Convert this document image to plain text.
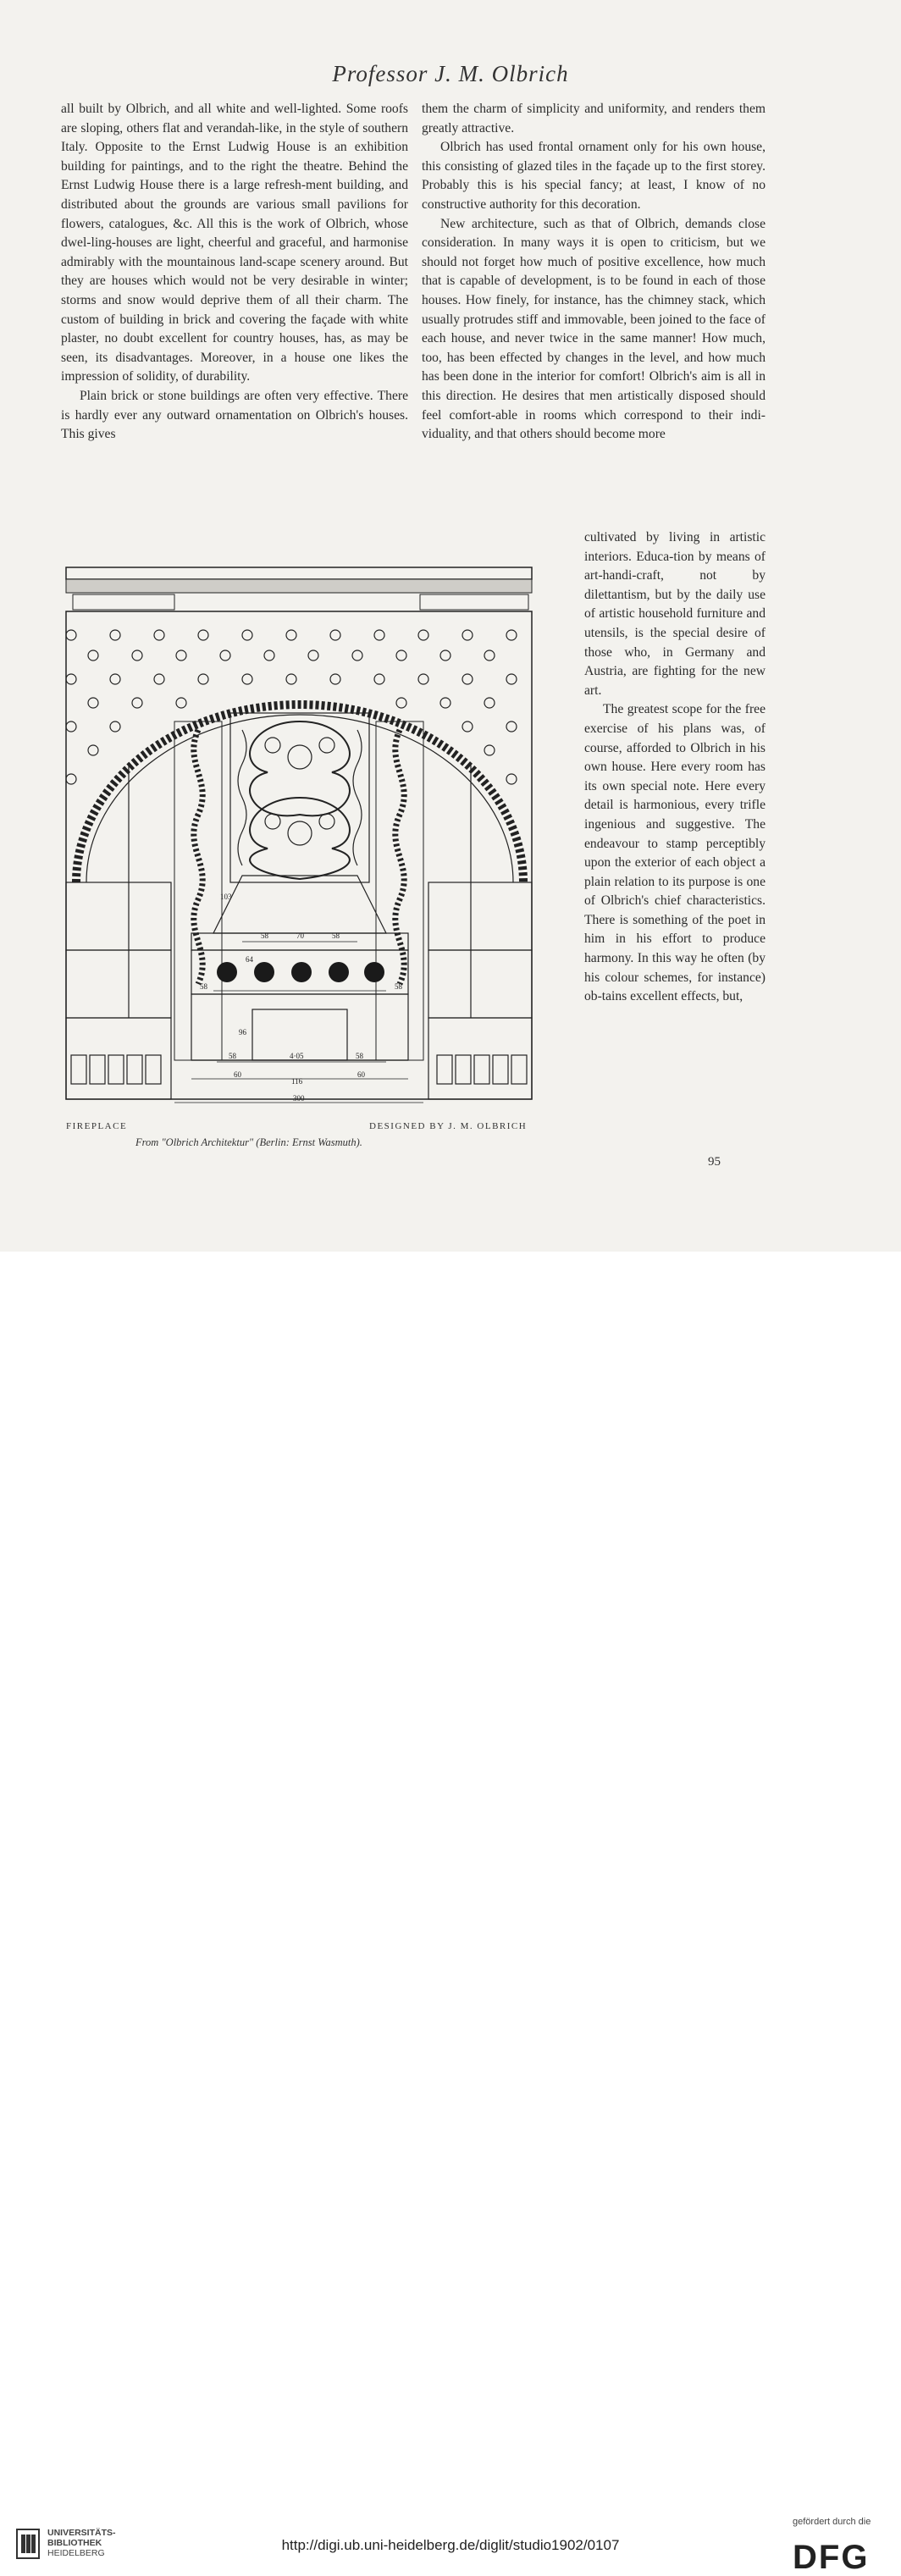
Professor J. M. Olbrich

all built by Olbrich, and all white and well-lighted. Some roofs are sloping, others flat and verandah-like, in the style of southern Italy. Opposite to the Ernst Ludwig House is an exhibition building for paintings, and to the right the theatre. Behind the Ernst Ludwig House there is a large refresh-ment building, and distributed about the grounds are various small pavilions for flowers, catalogues, &c. All this is the work of Olbrich, whose dwel-ling-houses are light, cheerful and graceful, and harmonise admirably with the mountainous land-scape scenery around. But they are houses which would not be very desirable in winter; storms and snow would deprive them of all their charm. The custom of building in brick and covering the façade with white plaster, no doubt excellent for country houses, has, as may be seen, its disadvantages. Moreover, in a house one likes the impression of solidity, of durability.

Plain brick or stone buildings are often very effective. There is hardly ever any outward ornamentation on Olbrich's houses. This gives

them the charm of simplicity and uniformity, and renders them greatly attractive.

Olbrich has used frontal ornament only for his own house, this consisting of glazed tiles in the façade up to the first storey. Probably this is his special fancy; at least, I know of no constructive authority for this decoration.

New architecture, such as that of Olbrich, demands close consideration. In many ways it is open to criticism, but we should not forget how much of positive excellence, how much that is capable of development, is to be found in each of those houses. How finely, for instance, has the chimney stack, which usually protrudes stiff and immovable, been joined to the face of each house, and never twice in the same manner! How much, too, has been effected by changes in the level, and how much has been done in the interior for comfort! Olbrich's aim is all in this direction. He desires that men artistically disposed should feel comfort-able in rooms which correspond to their indi-viduality, and that others should become more

cultivated by living in artistic interiors. Educa-tion by means of art-handi-craft, not by dilettantism, but by the daily use of artistic household furniture and utensils, is the special desire of those who, in Germany and Austria, are fighting for the new art.

The greatest scope for the free exercise of his plans was, of course, afforded to Olbrich in his own house. Here every room has its own special note. Here every detail is harmonious, every trifle ingenious and suggestive. The endeavour to stamp perceptibly upon the exterior of each object a plain relation to its purpose is one of Olbrich's chief characteristics. There is something of the poet in him in his effort to produce harmony. In this way he often (by his colour schemes, for instance) ob-tains excellent effects, but,

58	70	58
103
58
64
58
96
58	4·05	58
60	60
116
300
FIREPLACE	DESIGNED BY J. M. OLBRICH
From "Olbrich Architektur" (Berlin: Ernst Wasmuth).
95
UNIVERSITÄTS-
BIBLIOTHEK
HEIDELBERG	http://digi.ub.uni-heidelberg.de/diglit/studio1902/0107
gefördert durch die
DFG
